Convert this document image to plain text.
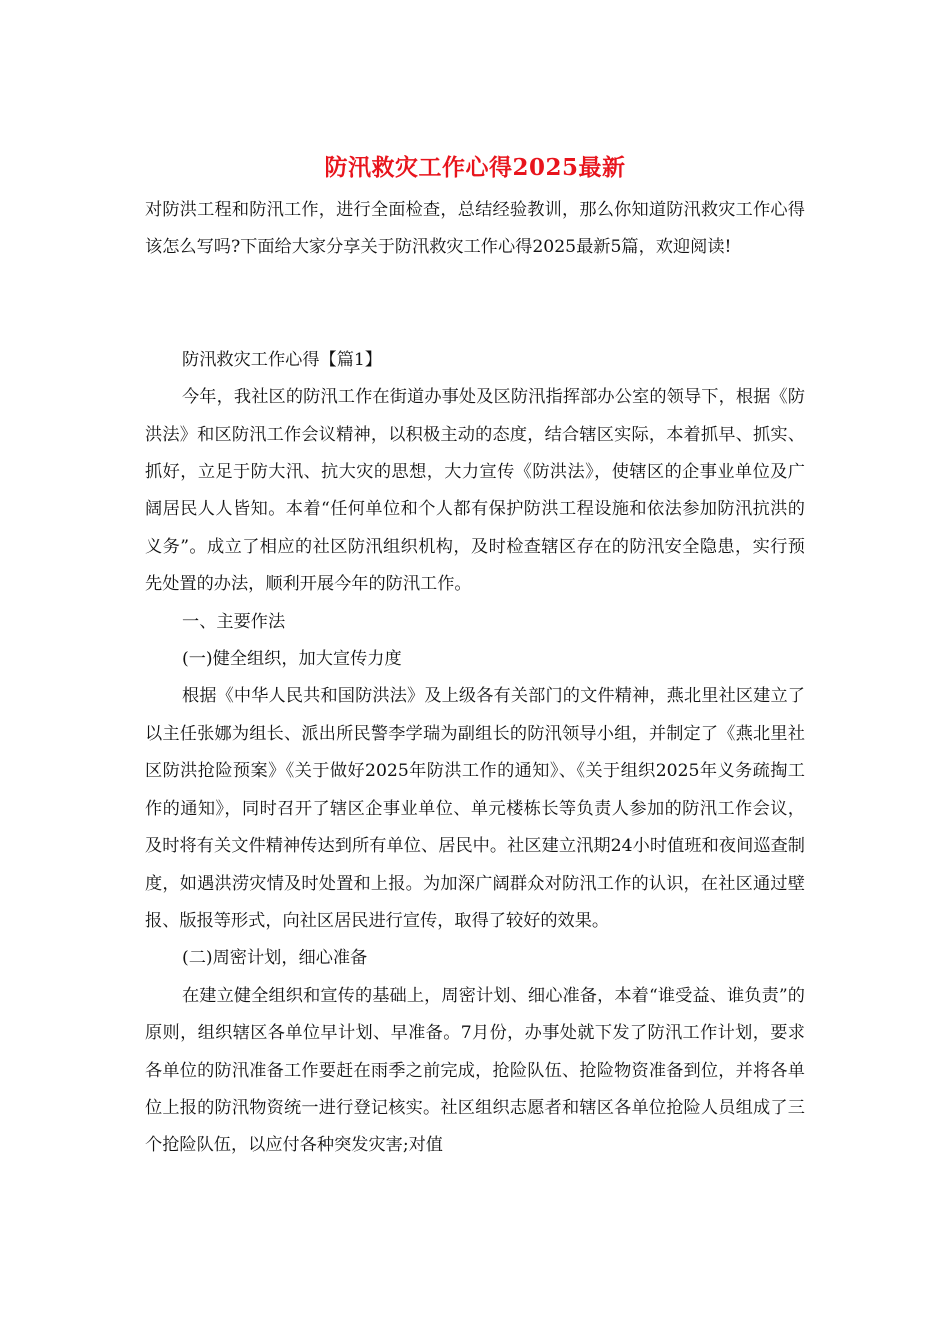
防汛救灾工作心得2025最新

对防洪工程和防汛工作，进行全面检查，总结经验教训，那么你知道防汛救灾工作心得该怎么写吗?下面给大家分享关于防汛救灾工作心得2025最新5篇，欢迎阅读!

防汛救灾工作心得【篇1】

今年，我社区的防汛工作在街道办事处及区防汛指挥部办公室的领导下，根据《防洪法》和区防汛工作会议精神，以积极主动的态度，结合辖区实际，本着抓早、抓实、抓好，立足于防大汛、抗大灾的思想，大力宣传《防洪法》，使辖区的企事业单位及广阔居民人人皆知。本着“任何单位和个人都有保护防洪工程设施和依法参加防汛抗洪的义务”。成立了相应的社区防汛组织机构，及时检查辖区存在的防汛安全隐患，实行预先处置的办法，顺利开展今年的防汛工作。

一、主要作法

(一)健全组织，加大宣传力度

根据《中华人民共和国防洪法》及上级各有关部门的文件精神，燕北里社区建立了以主任张娜为组长、派出所民警李学瑞为副组长的防汛领导小组，并制定了《燕北里社区防洪抢险预案》《关于做好2025年防洪工作的通知》、《关于组织2025年义务疏掏工作的通知》，同时召开了辖区企事业单位、单元楼栋长等负责人参加的防汛工作会议，及时将有关文件精神传达到所有单位、居民中。社区建立汛期24小时值班和夜间巡查制度，如遇洪涝灾情及时处置和上报。为加深广阔群众对防汛工作的认识，在社区通过壁报、版报等形式，向社区居民进行宣传，取得了较好的效果。

(二)周密计划，细心准备

在建立健全组织和宣传的基础上，周密计划、细心准备，本着“谁受益、谁负责”的原则，组织辖区各单位早计划、早准备。7月份，办事处就下发了防汛工作计划，要求各单位的防汛准备工作要赶在雨季之前完成，抢险队伍、抢险物资准备到位，并将各单位上报的防汛物资统一进行登记核实。社区组织志愿者和辖区各单位抢险人员组成了三个抢险队伍，以应付各种突发灾害;对值
